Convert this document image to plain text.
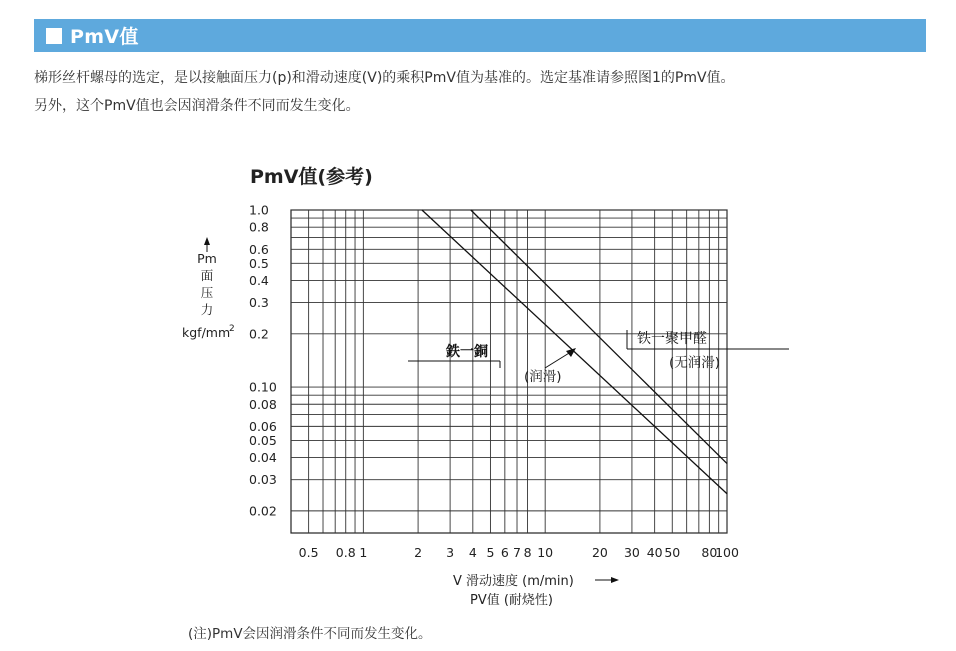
PmV值
梯形丝杆螺母的选定，是以接触面压力(p)和滑动速度(V)的乘积PmV值为基准的。选定基准请参照图1的PmV值。
另外，这个PmV值也会因润滑条件不同而发生变化。
PmV值(参考)
0.5 0.8 1	2 3 4 5 6 7 8 10	20 30 40 50 80
100
1.0
0.8
0.6
0.5
0.4
0.3
0.2
0.10
0.08
0.06
0.05
0.04
0.03
0.02
Pm
面
压
力
kgf/mm
2
V 滑动速度 (m/min)
PV值 (耐烧性)
鉄一銅
(润滑)
铁一聚甲醛
(无润滑)
(注)PmV会因润滑条件不同而发生变化。
